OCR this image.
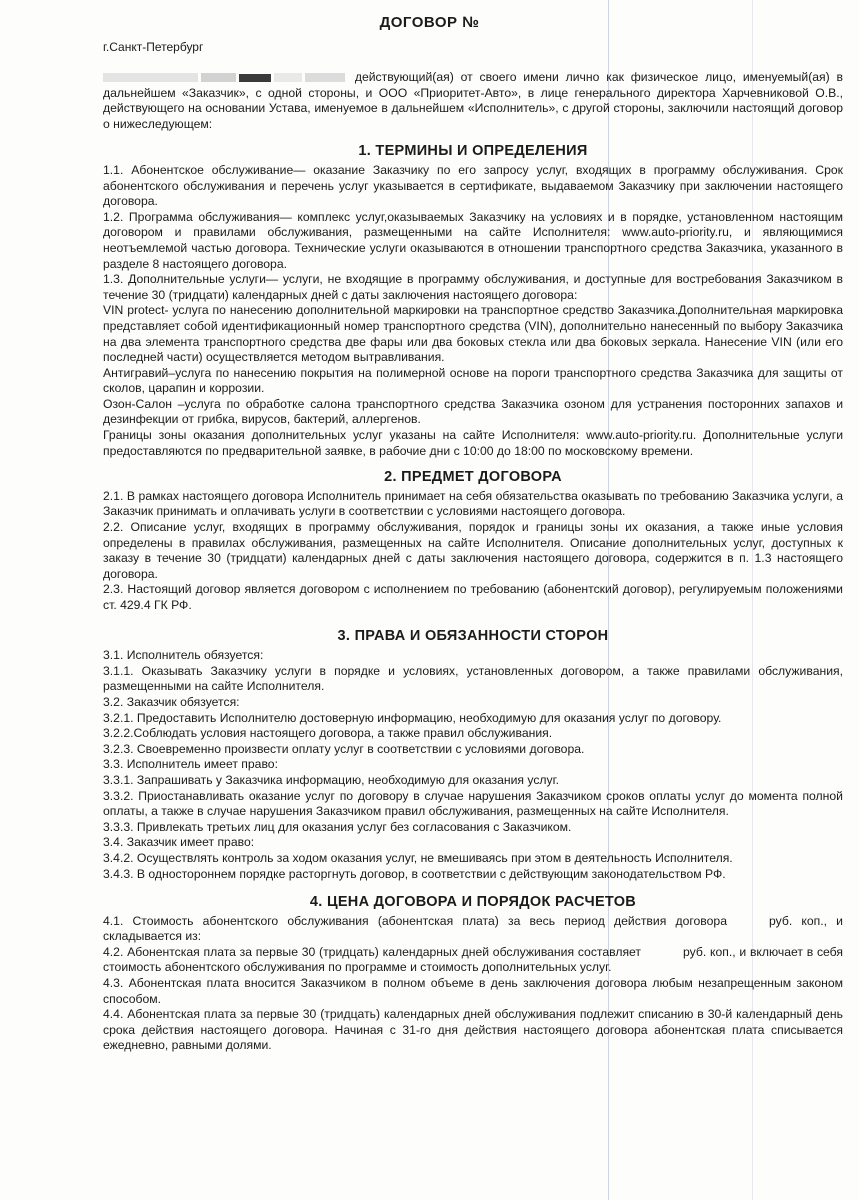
ДОГОВОР №
г.Санкт-Петербург

действующий(ая) от своего имени лично как физическое лицо, именуемый(ая) в дальнейшем «Заказчик», с одной стороны, и ООО «Приоритет-Авто», в лице генерального директора Харчевниковой О.В., действующего на основании Устава, именуемое в дальнейшем «Исполнитель», с другой стороны, заключили настоящий договор о нижеследующем:

1. ТЕРМИНЫ И ОПРЕДЕЛЕНИЯ

1.1. Абонентское обслуживание— оказание Заказчику по его запросу услуг, входящих в программу обслуживания. Срок абонентского обслуживания и перечень услуг указывается в сертификате, выдаваемом Заказчику при заключении настоящего договора.

1.2. Программа обслуживания— комплекс услуг,оказываемых Заказчику на условиях и в порядке, установленном настоящим договором и правилами обслуживания, размещенными на сайте Исполнителя: www.auto-priority.ru, и являющимися неотъемлемой частью договора. Технические услуги оказываются в отношении транспортного средства Заказчика, указанного в разделе 8 настоящего договора.

1.3. Дополнительные услуги— услуги, не входящие в программу обслуживания, и доступные для востребования Заказчиком в течение 30 (тридцати) календарных дней с даты заключения настоящего договора:

VIN protect- услуга по нанесению дополнительной маркировки на транспортное средство Заказчика.Дополнительная маркировка представляет собой идентификационный номер транспортного средства (VIN), дополнительно нанесенный по выбору Заказчика на два элемента транспортного средства две фары или два боковых стекла или два боковых зеркала. Нанесение VIN (или его последней части) осуществляется методом вытравливания.

Антигравий–услуга по нанесению покрытия на полимерной основе на пороги транспортного средства Заказчика для защиты от сколов, царапин и коррозии.

Озон-Салон –услуга по обработке салона транспортного средства Заказчика озоном для устранения посторонних запахов и дезинфекции от грибка, вирусов, бактерий, аллергенов.

Границы зоны оказания дополнительных услуг указаны на сайте Исполнителя: www.auto-priority.ru. Дополнительные услуги предоставляются по предварительной заявке, в рабочие дни с 10:00 до 18:00 по московскому времени.

2. ПРЕДМЕТ ДОГОВОРА

2.1. В рамках настоящего договора Исполнитель принимает на себя обязательства оказывать по требованию Заказчика услуги, а Заказчик принимать и оплачивать услуги в соответствии с условиями настоящего договора.

2.2. Описание услуг, входящих в программу обслуживания, порядок и границы зоны их оказания, а также иные условия определены в правилах обслуживания, размещенных на сайте Исполнителя. Описание дополнительных услуг, доступных к заказу в течение 30 (тридцати) календарных дней с даты заключения настоящего договора, содержится в п. 1.3 настоящего договора.

2.3. Настоящий договор является договором с исполнением по требованию (абонентский договор), регулируемым положениями ст. 429.4 ГК РФ.

3. ПРАВА И ОБЯЗАННОСТИ СТОРОН

3.1. Исполнитель обязуется:

3.1.1. Оказывать Заказчику услуги в порядке и условиях, установленных договором, а также правилами обслуживания, размещенными на сайте Исполнителя.

3.2. Заказчик обязуется:

3.2.1. Предоставить Исполнителю достоверную информацию, необходимую для оказания услуг по договору.

3.2.2.Соблюдать условия настоящего договора, а также правил обслуживания.

3.2.3. Своевременно произвести оплату услуг в соответствии с условиями договора.

3.3. Исполнитель имеет право:

3.3.1. Запрашивать у Заказчика информацию, необходимую для оказания услуг.

3.3.2. Приостанавливать оказание услуг по договору в случае нарушения Заказчиком сроков оплаты услуг до момента полной оплаты, а также в случае нарушения Заказчиком правил обслуживания, размещенных на сайте Исполнителя.

3.3.3. Привлекать третьих лиц для оказания услуг без согласования с Заказчиком.

3.4. Заказчик имеет право:

3.4.2. Осуществлять контроль за ходом оказания услуг, не вмешиваясь при этом в деятельность Исполнителя.

3.4.3. В одностороннем порядке расторгнуть договор, в соответствии с действующим законодательством РФ.

4. ЦЕНА ДОГОВОРА И ПОРЯДОК РАСЧЕТОВ

4.1. Стоимость абонентского обслуживания (абонентская плата) за весь период действия договора	руб. коп., и складывается из:

4.2. Абонентская плата за первые 30 (тридцать) календарных дней обслуживания составляет	руб. коп., и включает в себя стоимость абонентского обслуживания по программе и стоимость дополнительных услуг.

4.3. Абонентская плата вносится Заказчиком в полном объеме в день заключения договора любым незапрещенным законом способом.

4.4. Абонентская плата за первые 30 (тридцать) календарных дней обслуживания подлежит списанию в 30-й календарный день срока действия настоящего договора. Начиная с 31-го дня действия настоящего договора абонентская плата списывается ежедневно, равными долями.
